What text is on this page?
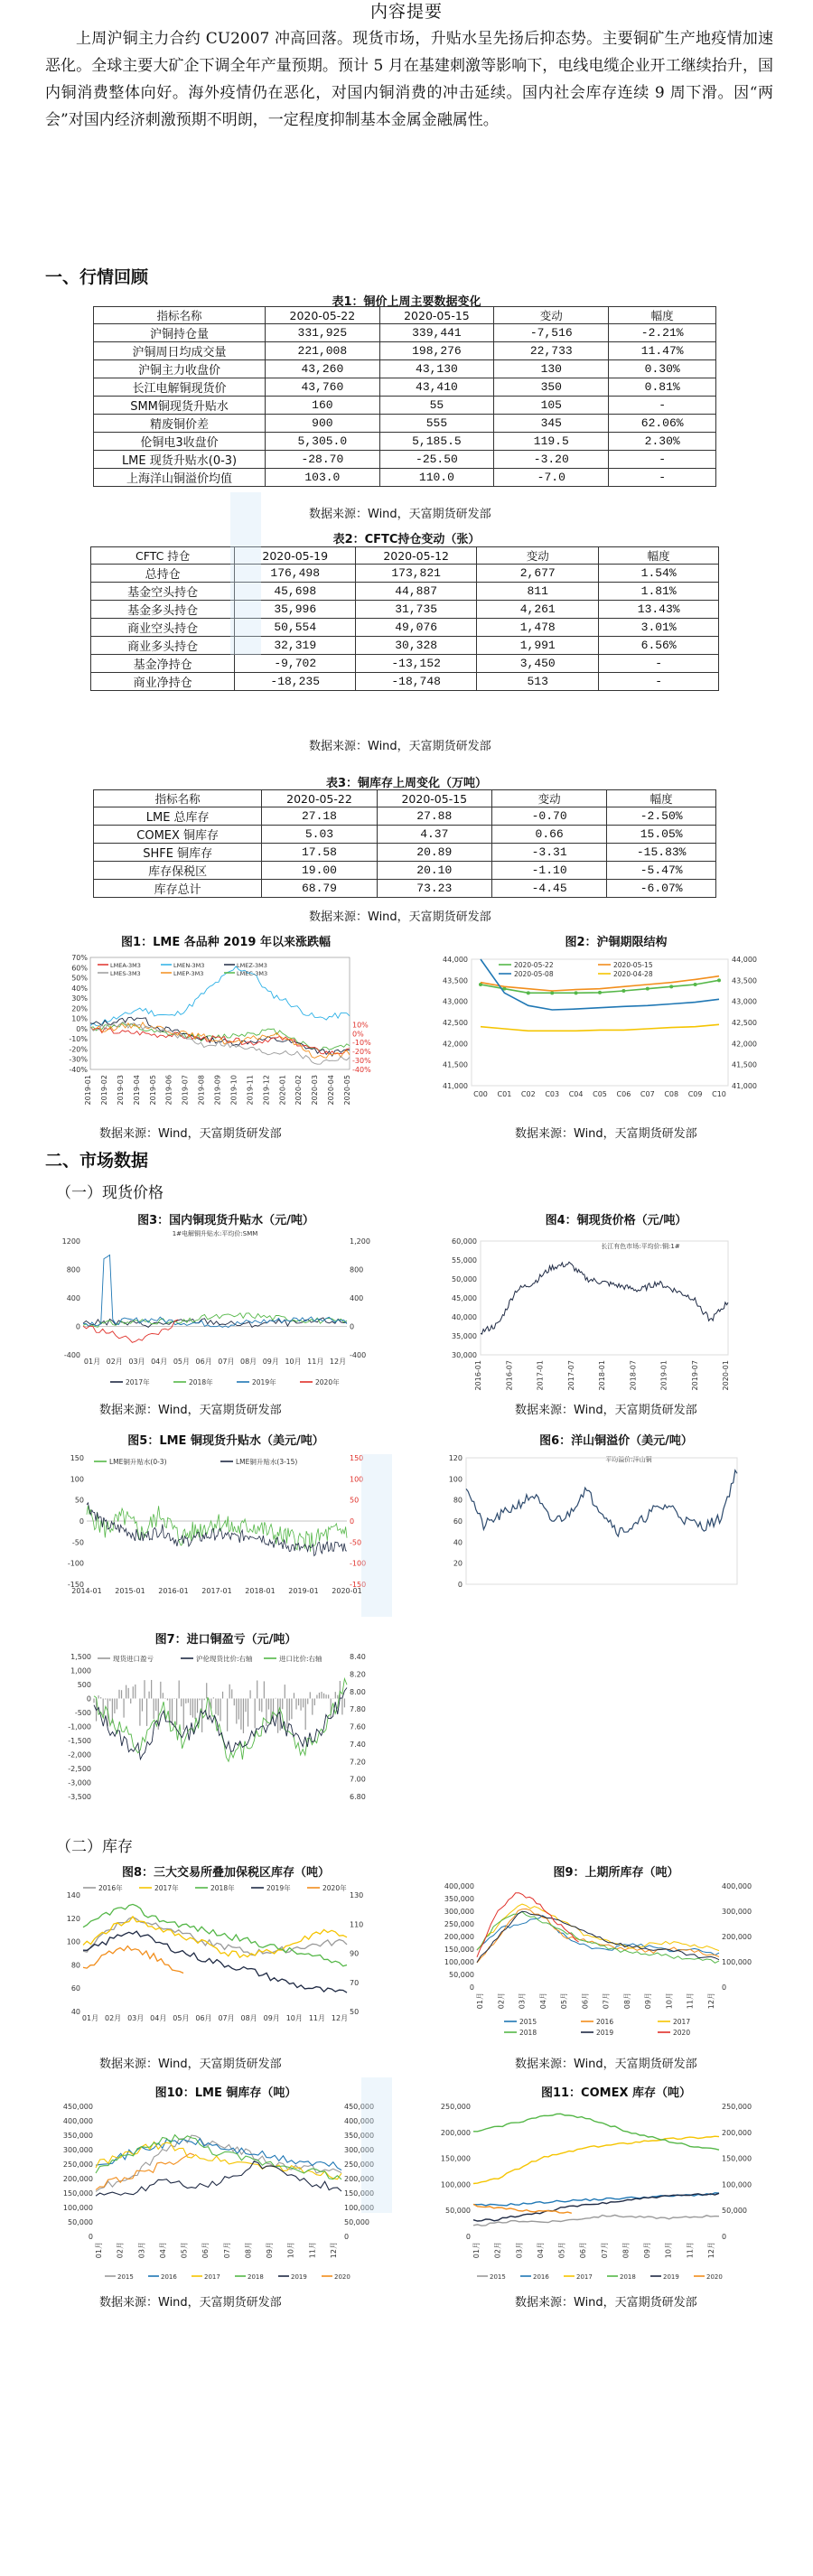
内容提要
上周沪铜主力合约 CU2007 冲高回落。现货市场，升贴水呈先扬后抑态势。主要铜矿生产地疫情加速恶化。全球主要大矿企下调全年产量预期。预计 5 月在基建刺激等影响下，电线电缆企业开工继续抬升，国内铜消费整体向好。海外疫情仍在恶化，对国内铜消费的冲击延续。国内社会库存连续 9 周下滑。因“两会”对国内经济刺激预期不明朗，一定程度抑制基本金属金融属性。
一、行情回顾
表1：铜价上周主要数据变化
指标名称	2020-05-22	2020-05-15	变动	幅度
沪铜持仓量	331,925	339,441	-7,516	-2.21%
沪铜周日均成交量	221,008	198,276	22,733	11.47%
沪铜主力收盘价	43,260	43,130	130	0.30%
长江电解铜现货价	43,760	43,410	350	0.81%
SMM铜现货升贴水	160	55	105	-
精废铜价差	900	555	345	62.06%
伦铜电3收盘价	5,305.0	5,185.5	119.5	2.30%
LME 现货升贴水(0-3)	-28.70	-25.50	-3.20	-
上海洋山铜溢价均值	103.0	110.0	-7.0	-
数据来源：Wind，天富期货研发部
表2：CFTC持仓变动（张）
CFTC 持仓	2020-05-19	2020-05-12	变动	幅度
总持仓	176,498	173,821	2,677	1.54%
基金空头持仓	45,698	44,887	811	1.81%
基金多头持仓	35,996	31,735	4,261	13.43%
商业空头持仓	50,554	49,076	1,478	3.01%
商业多头持仓	32,319	30,328	1,991	6.56%
基金净持仓	-9,702	-13,152	3,450	-
商业净持仓	-18,235	-18,748	513	-
数据来源：Wind，天富期货研发部
表3：铜库存上周变化（万吨）
指标名称	2020-05-22	2020-05-15	变动	幅度
LME 总库存	27.18	27.88	-0.70	-2.50%
COMEX 铜库存	5.03	4.37	0.66	15.05%
SHFE 铜库存	17.58	20.89	-3.31	-15.83%
库存保税区	19.00	20.10	-1.10	-5.47%
库存总计	68.79	73.23	-4.45	-6.07%
数据来源：Wind，天富期货研发部
图1：LME 各品种 2019 年以来涨跌幅
70%
60%
50%
40%
30%
20%
10%
0%
-10%
-20%
-30%
-40%
10%
0%
-10%
-20%
-30%
-40%
2019-01 2019-02 2019-03 2019-04 2019-05 2019-06 2019-07 2019-08 2019-09 2019-10 2019-11 2019-12 2020-01 2020-02 2020-03 2020-04 2020-05
LMEA-3M3	LMEN-3M3	LMEZ-3M3
LMES-3M3	LMEP-3M3	LMEC-3M3
数据来源：Wind，天富期货研发部
图2：沪铜期限结构
44,000
43,500
43,000
42,500
42,000
41,500
41,000
44,000
43,500
43,000
42,500
42,000
41,500
41,000
C00 C01 C02 C03 C04 C05 C06 C07 C08 C09 C10
2020-05-22	2020-05-15
2020-05-08	2020-04-28
数据来源：Wind，天富期货研发部
二、市场数据
（一）现货价格
图3：国内铜现货升贴水（元/吨）
1#电解铜升贴水:平均价:SMM
1200
800
400
0
-400
1,200
800
400
0
-400
01月 02月 03月 04月 05月 06月 07月 08月 09月 10月 11月 12月
2017年	2018年	2019年	2020年
数据来源：Wind，天富期货研发部
图4：铜现货价格（元/吨）
长江有色市场:平均价:铜:1#
60,000
55,000
50,000
45,000
40,000
35,000
30,000
2016-01	2016-07	2017-01	2017-07	2018-01	2018-07	2019-01	2019-07	2020-01
数据来源：Wind，天富期货研发部
图5：LME 铜现货升贴水（美元/吨）
150
100
50
0
-50
-100
-150
150
100
50
0
-50
-100
-150
2014-01 2015-01 2016-01 2017-01 2018-01 2019-01 2020-01
LME铜升贴水(0-3)	LME铜升贴水(3-15)
图6：洋山铜溢价（美元/吨）
平均溢价:洋山铜
120
100
80
60
40
20
0
图7：进口铜盈亏（元/吨）
1,500
1,000
500
0
-500
-1,000
-1,500
-2,000
-2,500
-3,000
-3,500
8.40
8.20
8.00
7.80
7.60
7.40
7.20
7.00
6.80
现货进口盈亏	沪伦现货比价:右轴	进口比价:右轴
（二）库存
图8：三大交易所叠加保税区库存（吨）
140
120
100
80
60
40
130
110
90
70
50
01月 02月 03月 04月 05月 06月 07月 08月 09月 10月 11月 12月
2016年	2017年	2018年	2019年	2020年
数据来源：Wind，天富期货研发部
图9：上期所库存（吨）
400,000
350,000
300,000
250,000
200,000
150,000
100,000
50,000
0
400,000
300,000
200,000
100,000
0
01月 02月 03月 04月 05月 06月 07月 08月 09月 10月 11月 12月
2015	2016	2017
2018	2019	2020
数据来源：Wind，天富期货研发部
图10：LME 铜库存（吨）
450,000
400,000
350,000
300,000
250,000
200,000
150,000
100,000
50,000
0
450,000
400,000
350,000
300,000
250,000
200,000
150,000
100,000
50,000
0
01月 02月 03月 04月 05月 06月 07月 08月 09月 10月 11月 12月
2015	2016	2017	2018	2019	2020
数据来源：Wind，天富期货研发部
图11：COMEX 库存（吨）
250,000
200,000
150,000
100,000
50,000
0
250,000
200,000
150,000
100,000
50,000
0
01月 02月 03月 04月 05月 06月 07月 08月 09月 10月 11月 12月
2015	2016	2017	2018	2019	2020
数据来源：Wind，天富期货研发部
